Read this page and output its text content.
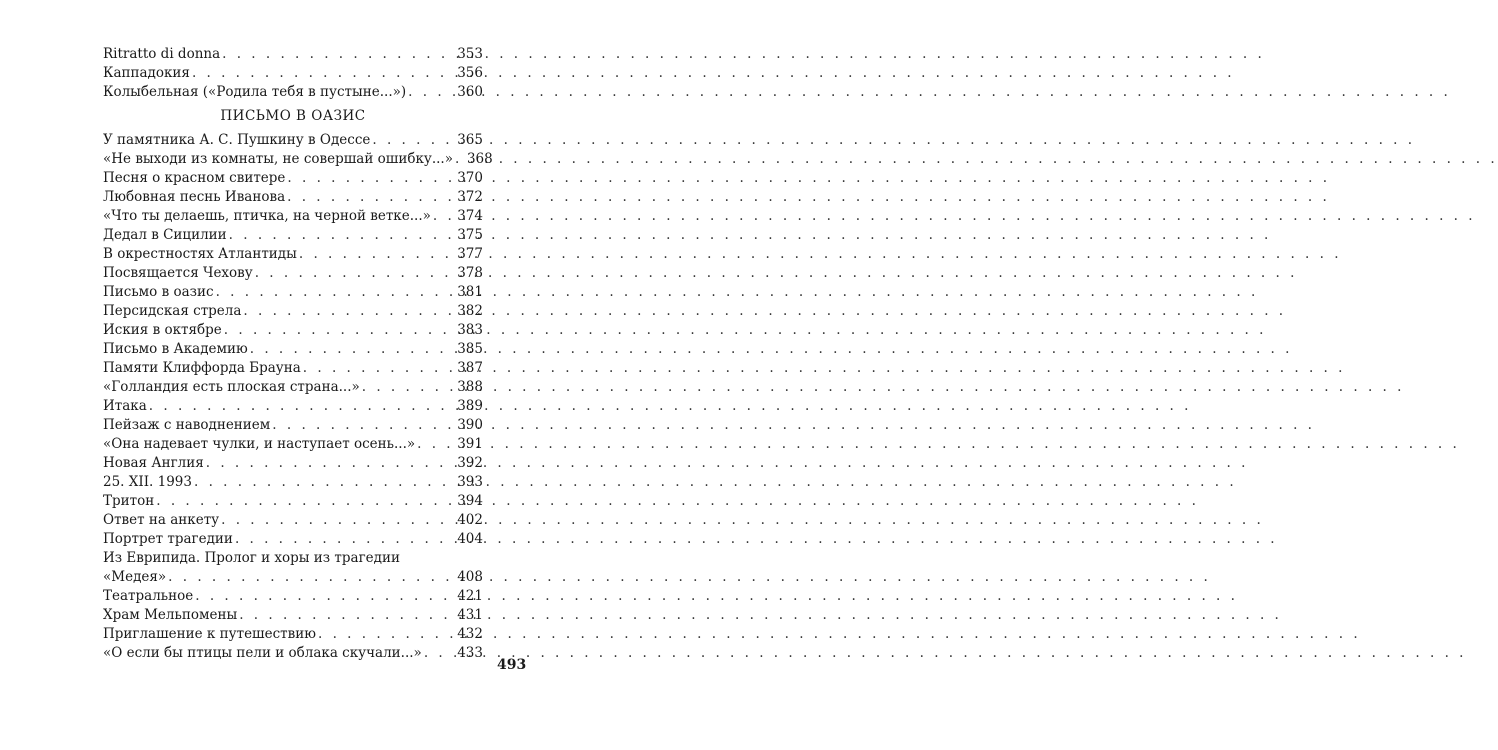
Ritratto di donna . . .	353
Каппадокия . . .	356
Колыбельная («Родила тебя в пустыне...») . . .	360
ПИСЬМО В ОАЗИС
У памятника А. С. Пушкину в Одессе . . .	365
«Не выходи из комнаты, не совершай ошибку...» . . . 368
Песня о красном свитере . . .	370
Любовная песнь Иванова . . .	372
«Что ты делаешь, птичка, на черной ветке...» . . . 374
Дедал в Сицилии . . .	375
В окрестностях Атлантиды . . .	377
Посвящается Чехову . . .	378
Письмо в оазис . . .	381
Персидская стрела . . .	382
Иския в октябре . . .	383
Письмо в Академию . . .	385
Памяти Клиффорда Брауна . . .	387
«Голландия есть плоская страна...» . . .	388
Итака . . .	389
Пейзаж с наводнением . . .	390
«Она надевает чулки, и наступает осень...» . . .	391
Новая Англия . . .	392
25. XII. 1993 . . .	393
Тритон . . .	394
Ответ на анкету . . .	402
Портрет трагедии . . .	404
Из Еврипида. Пролог и хоры из трагедии
«Медея» . . .	408
Театральное . . .	421
Храм Мельпомены . . .	431
Приглашение к путешествию . . .	432
«О если бы птицы пели и облака скучали...» . . .	433
493
